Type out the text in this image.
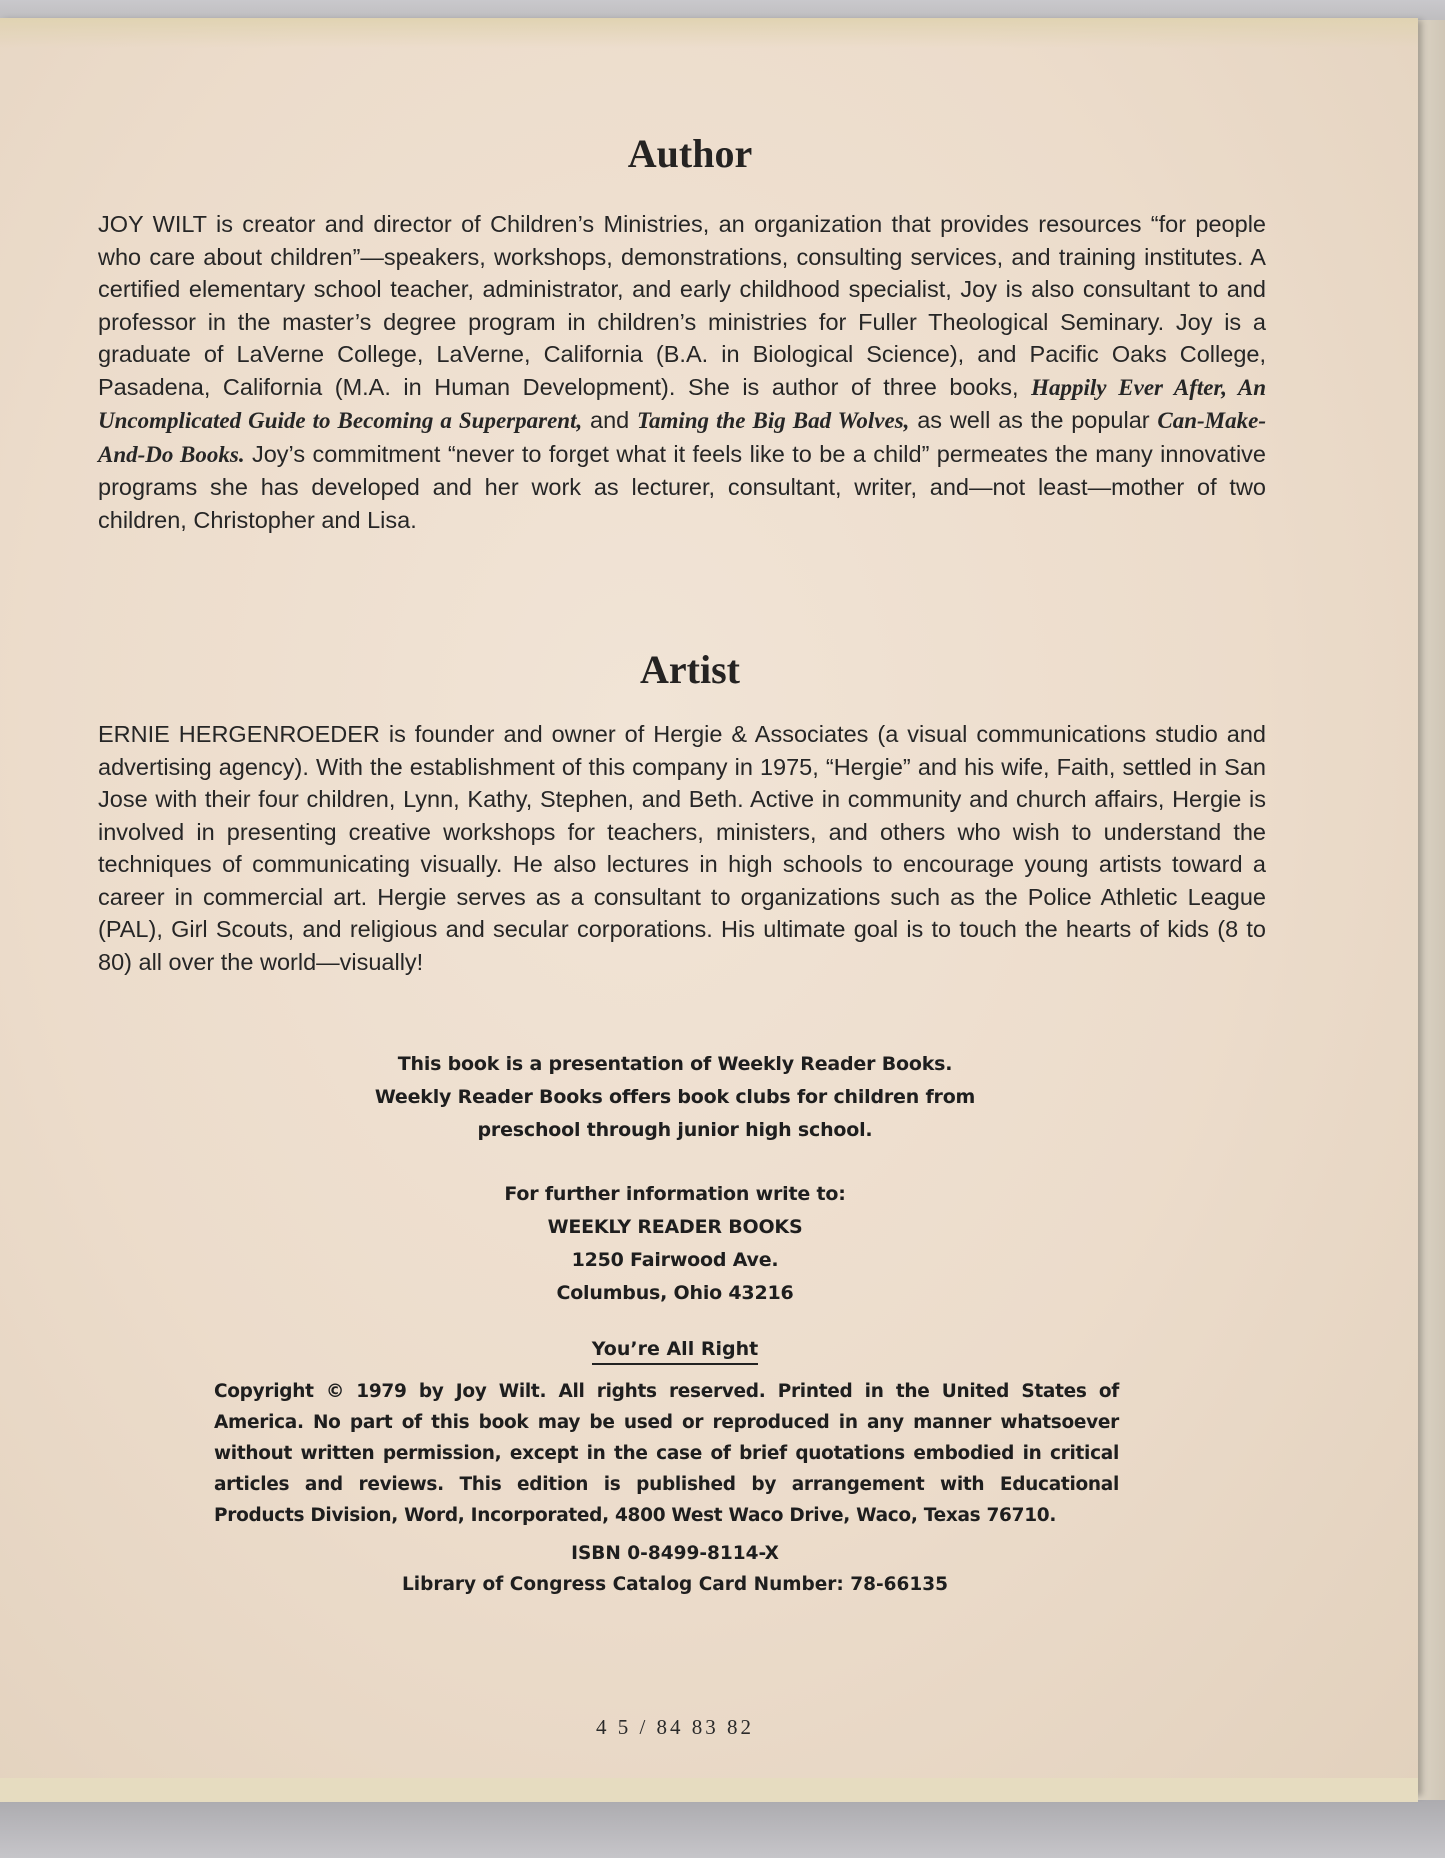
Author
JOY WILT is creator and director of Children’s Ministries, an organization that provides resources “for people who care about children”—speakers, workshops, demonstrations, consulting services, and training institutes. A certified elementary school teacher, administrator, and early childhood specialist, Joy is also consultant to and professor in the master’s degree program in children’s ministries for Fuller Theological Seminary. Joy is a graduate of LaVerne College, LaVerne, California (B.A. in Biological Science), and Pacific Oaks College, Pasadena, California (M.A. in Human Development). She is author of three books, Happily Ever After, An Uncomplicated Guide to Becoming a Superparent, and Taming the Big Bad Wolves, as well as the popular Can-Make-And-Do Books. Joy’s commitment “never to forget what it feels like to be a child” permeates the many innovative programs she has developed and her work as lecturer, consultant, writer, and—not least—mother of two children, Christopher and Lisa.
Artist
ERNIE HERGENROEDER is founder and owner of Hergie & Associates (a visual communications studio and advertising agency). With the establishment of this company in 1975, “Hergie” and his wife, Faith, settled in San Jose with their four children, Lynn, Kathy, Stephen, and Beth. Active in community and church affairs, Hergie is involved in presenting creative workshops for teachers, ministers, and others who wish to understand the techniques of communicating visually. He also lectures in high schools to encourage young artists toward a career in commercial art. Hergie serves as a consultant to organizations such as the Police Athletic League (PAL), Girl Scouts, and religious and secular corporations. His ultimate goal is to touch the hearts of kids (8 to 80) all over the world—visually!
This book is a presentation of Weekly Reader Books.
Weekly Reader Books offers book clubs for children from
preschool through junior high school.
For further information write to:
WEEKLY READER BOOKS
1250 Fairwood Ave.
Columbus, Ohio 43216
You’re All Right
Copyright © 1979 by Joy Wilt. All rights reserved. Printed in the United States of America. No part of this book may be used or reproduced in any manner whatsoever without written permission, except in the case of brief quotations embodied in critical articles and reviews. This edition is published by arrangement with Educational Products Division, Word, Incorporated, 4800 West Waco Drive, Waco, Texas 76710.
ISBN 0-8499-8114-X
Library of Congress Catalog Card Number: 78-66135
4 5 / 84 83 82
